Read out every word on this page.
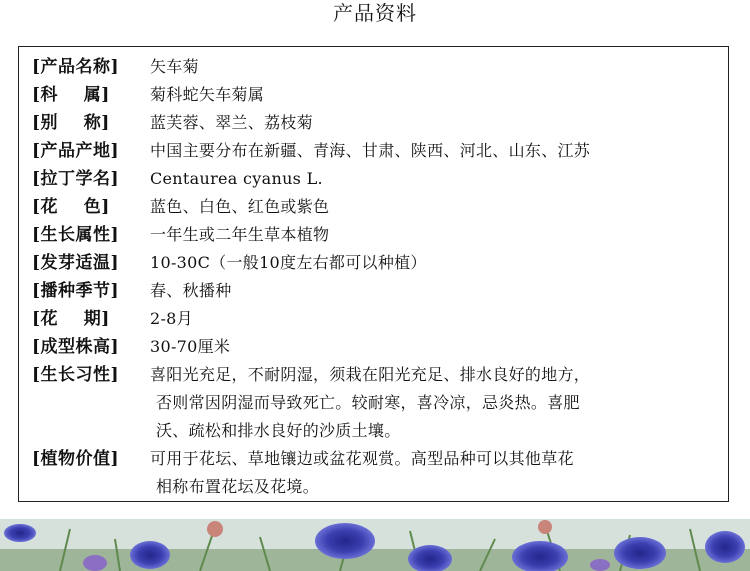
产品资料
[产品名称]	矢车菊
[科    属]	菊科蛇矢车菊属
[别    称]	蓝芙蓉、翠兰、荔枝菊
[产品产地]	中国主要分布在新疆、青海、甘肃、陕西、河北、山东、江苏
[拉丁学名]	Centaurea cyanus L.
[花    色]	蓝色、白色、红色或紫色
[生长属性]	一年生或二年生草本植物
[发芽适温]	10-30C（一般10度左右都可以种植）
[播种季节]	春、秋播种
[花    期]	2-8月
[成型株高]	30-70厘米
[生长习性]	喜阳光充足，不耐阴湿，须栽在阳光充足、排水良好的地方，
否则常因阴湿而导致死亡。较耐寒，喜冷凉，忌炎热。喜肥
沃、疏松和排水良好的沙质土壤。
[植物价值]	可用于花坛、草地镶边或盆花观赏。高型品种可以其他草花
相称布置花坛及花境。
